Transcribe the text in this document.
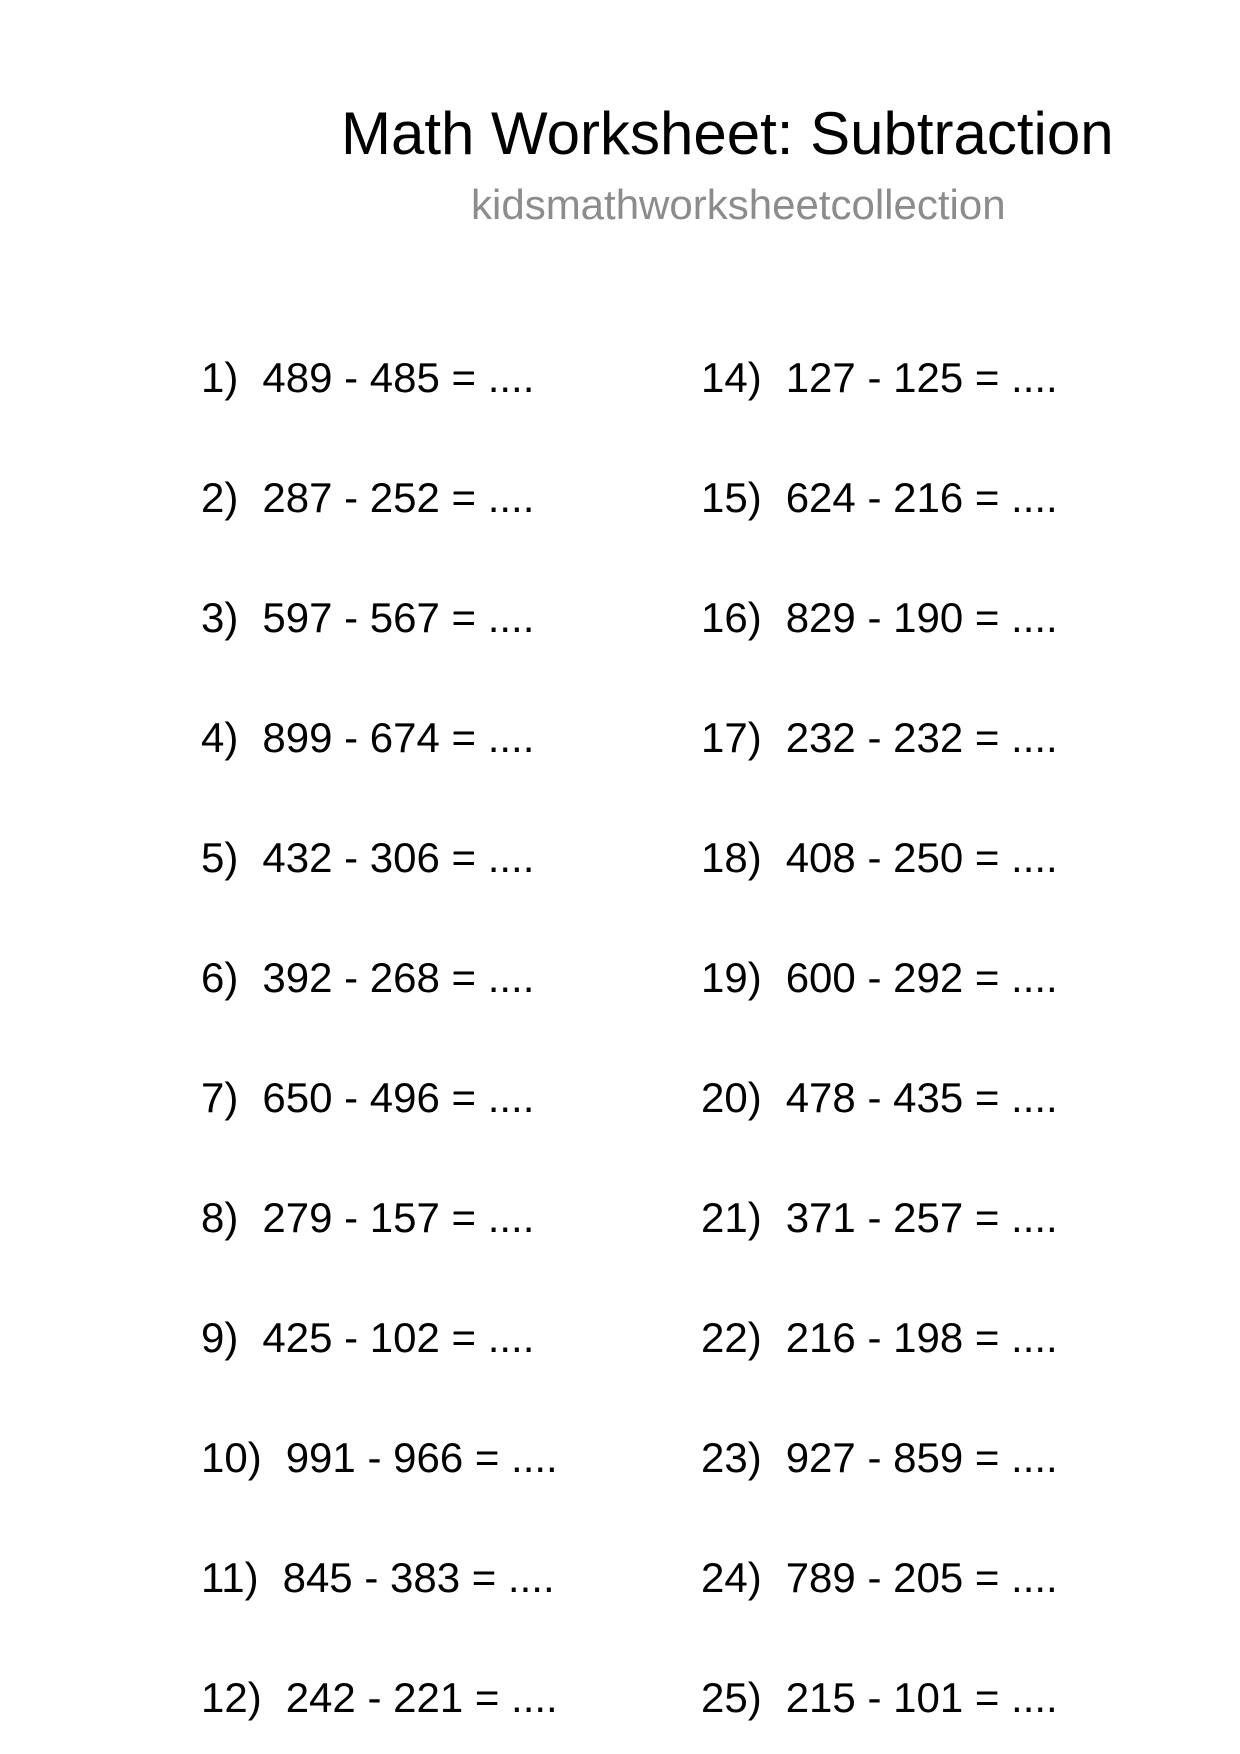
Math Worksheet: Subtraction
kidsmathworksheetcollection
1) 489 - 485 = ....
2) 287 - 252 = ....
3) 597 - 567 = ....
4) 899 - 674 = ....
5) 432 - 306 = ....
6) 392 - 268 = ....
7) 650 - 496 = ....
8) 279 - 157 = ....
9) 425 - 102 = ....
10) 991 - 966 = ....
11) 845 - 383 = ....
12) 242 - 221 = ....
14) 127 - 125 = ....
15) 624 - 216 = ....
16) 829 - 190 = ....
17) 232 - 232 = ....
18) 408 - 250 = ....
19) 600 - 292 = ....
20) 478 - 435 = ....
21) 371 - 257 = ....
22) 216 - 198 = ....
23) 927 - 859 = ....
24) 789 - 205 = ....
25) 215 - 101 = ....
